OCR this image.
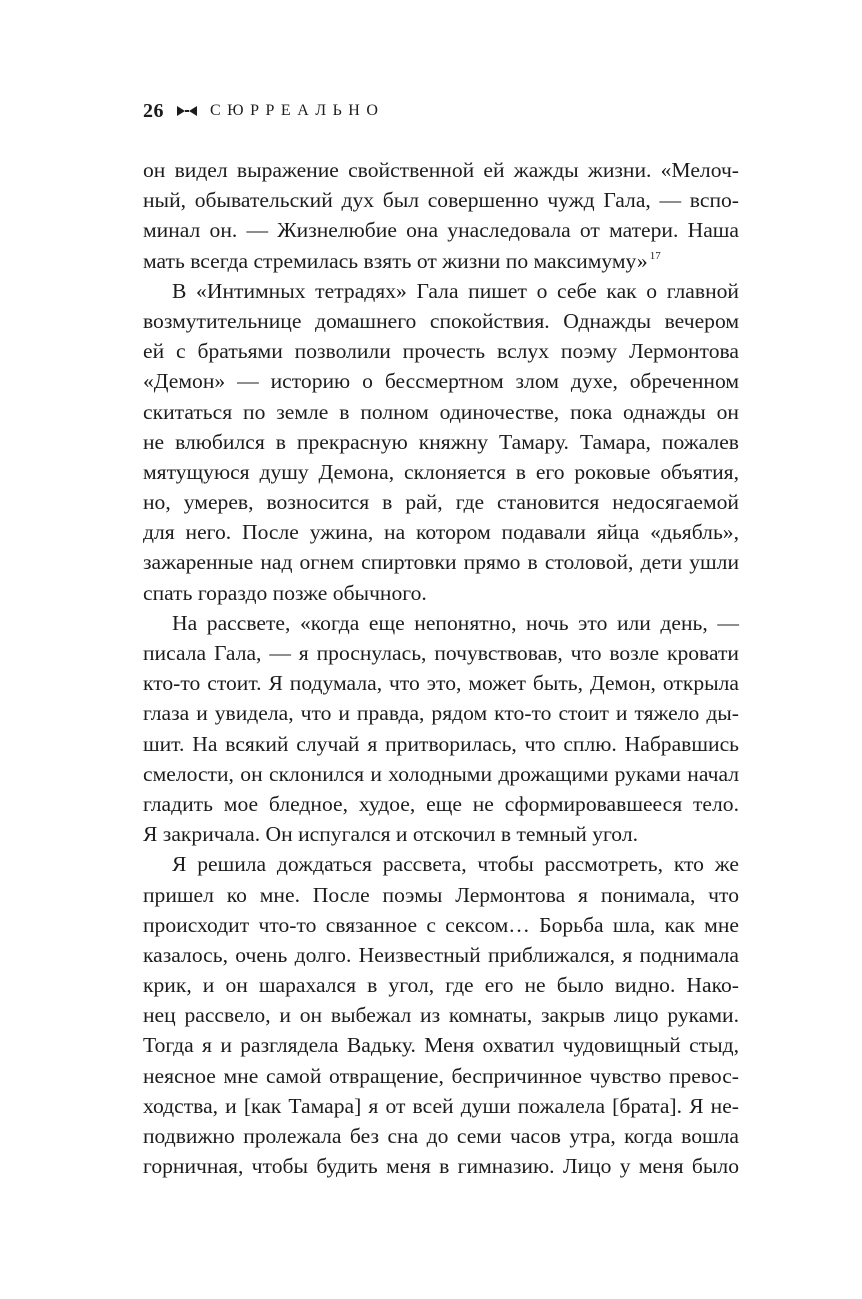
26	СЮРРЕАЛЬНО
он видел выражение свойственной ей жажды жизни. «Мелоч-
ный, обывательский дух был совершенно чужд Гала, — вспо-
минал он. — Жизнелюбие она унаследовала от матери. Наша
мать всегда стремилась взять от жизни по максимуму» $^{17}$
В «Интимных тетрадях» Гала пишет о себе как о главной
возмутительнице домашнего спокойствия. Однажды вечером
ей с братьями позволили прочесть вслух поэму Лермонтова
«Демон» — историю о бессмертном злом духе, обреченном
скитаться по земле в полном одиночестве, пока однажды он
не влюбился в прекрасную княжну Тамару. Тамара, пожалев
мятущуюся душу Демона, склоняется в его роковые объятия,
но, умерев, возносится в рай, где становится недосягаемой
для него. После ужина, на котором подавали яйца «дьябль»,
зажаренные над огнем спиртовки прямо в столовой, дети ушли
спать гораздо позже обычного.
На рассвете, «когда еще непонятно, ночь это или день, —
писала Гала, — я проснулась, почувствовав, что возле кровати
кто-то стоит. Я подумала, что это, может быть, Демон, открыла
глаза и увидела, что и правда, рядом кто-то стоит и тяжело ды-
шит. На всякий случай я притворилась, что сплю. Набравшись
смелости, он склонился и холодными дрожащими руками начал
гладить мое бледное, худое, еще не сформировавшееся тело.
Я закричала. Он испугался и отскочил в темный угол.
Я решила дождаться рассвета, чтобы рассмотреть, кто же
пришел ко мне. После поэмы Лермонтова я понимала, что
происходит что-то связанное с сексом… Борьба шла, как мне
казалось, очень долго. Неизвестный приближался, я поднимала
крик, и он шарахался в угол, где его не было видно. Нако-
нец рассвело, и он выбежал из комнаты, закрыв лицо руками.
Тогда я и разглядела Вадьку. Меня охватил чудовищный стыд,
неясное мне самой отвращение, беспричинное чувство превос-
ходства, и [как Тамара] я от всей души пожалела [брата]. Я не-
подвижно пролежала без сна до семи часов утра, когда вошла
горничная, чтобы будить меня в гимназию. Лицо у меня было
